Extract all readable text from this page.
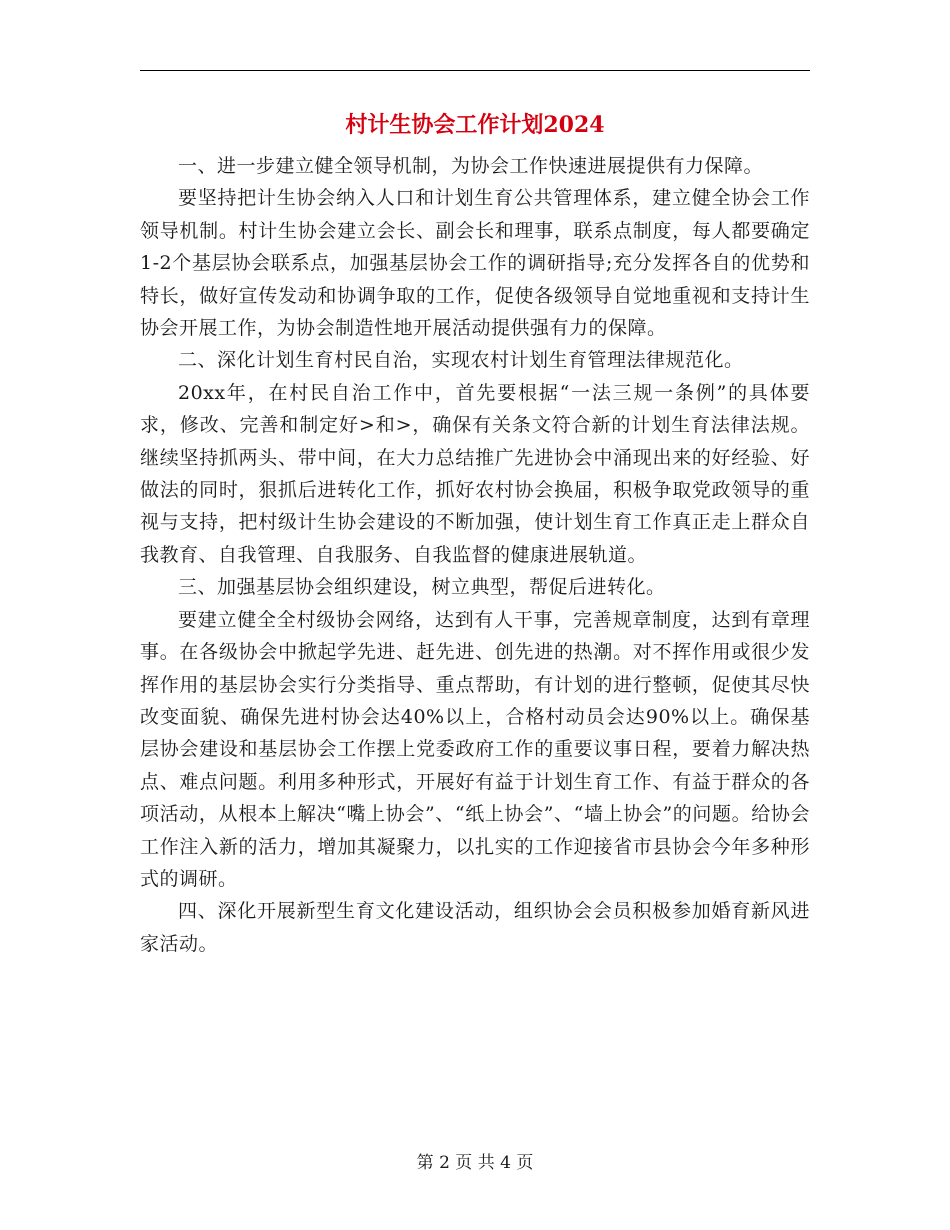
村计生协会工作计划2024

一、进一步建立健全领导机制，为协会工作快速进展提供有力保障。

要坚持把计生协会纳入人口和计划生育公共管理体系，建立健全协会工作领导机制。村计生协会建立会长、副会长和理事，联系点制度，每人都要确定1-2个基层协会联系点，加强基层协会工作的调研指导;充分发挥各自的优势和特长，做好宣传发动和协调争取的工作，促使各级领导自觉地重视和支持计生协会开展工作，为协会制造性地开展活动提供强有力的保障。

二、深化计划生育村民自治，实现农村计划生育管理法律规范化。

20xx年，在村民自治工作中，首先要根据“一法三规一条例”的具体要求，修改、完善和制定好>和>，确保有关条文符合新的计划生育法律法规。继续坚持抓两头、带中间，在大力总结推广先进协会中涌现出来的好经验、好做法的同时，狠抓后进转化工作，抓好农村协会换届，积极争取党政领导的重视与支持，把村级计生协会建设的不断加强，使计划生育工作真正走上群众自我教育、自我管理、自我服务、自我监督的健康进展轨道。

三、加强基层协会组织建设，树立典型，帮促后进转化。

要建立健全全村级协会网络，达到有人干事，完善规章制度，达到有章理事。在各级协会中掀起学先进、赶先进、创先进的热潮。对不挥作用或很少发挥作用的基层协会实行分类指导、重点帮助，有计划的进行整顿，促使其尽快改变面貌、确保先进村协会达40%以上，合格村动员会达90%以上。确保基层协会建设和基层协会工作摆上党委政府工作的重要议事日程，要着力解决热点、难点问题。利用多种形式，开展好有益于计划生育工作、有益于群众的各项活动，从根本上解决“嘴上协会”、“纸上协会”、“墙上协会”的问题。给协会工作注入新的活力，增加其凝聚力，以扎实的工作迎接省市县协会今年多种形式的调研。

四、深化开展新型生育文化建设活动，组织协会会员积极参加婚育新风进家活动。

第 2 页 共 4 页
